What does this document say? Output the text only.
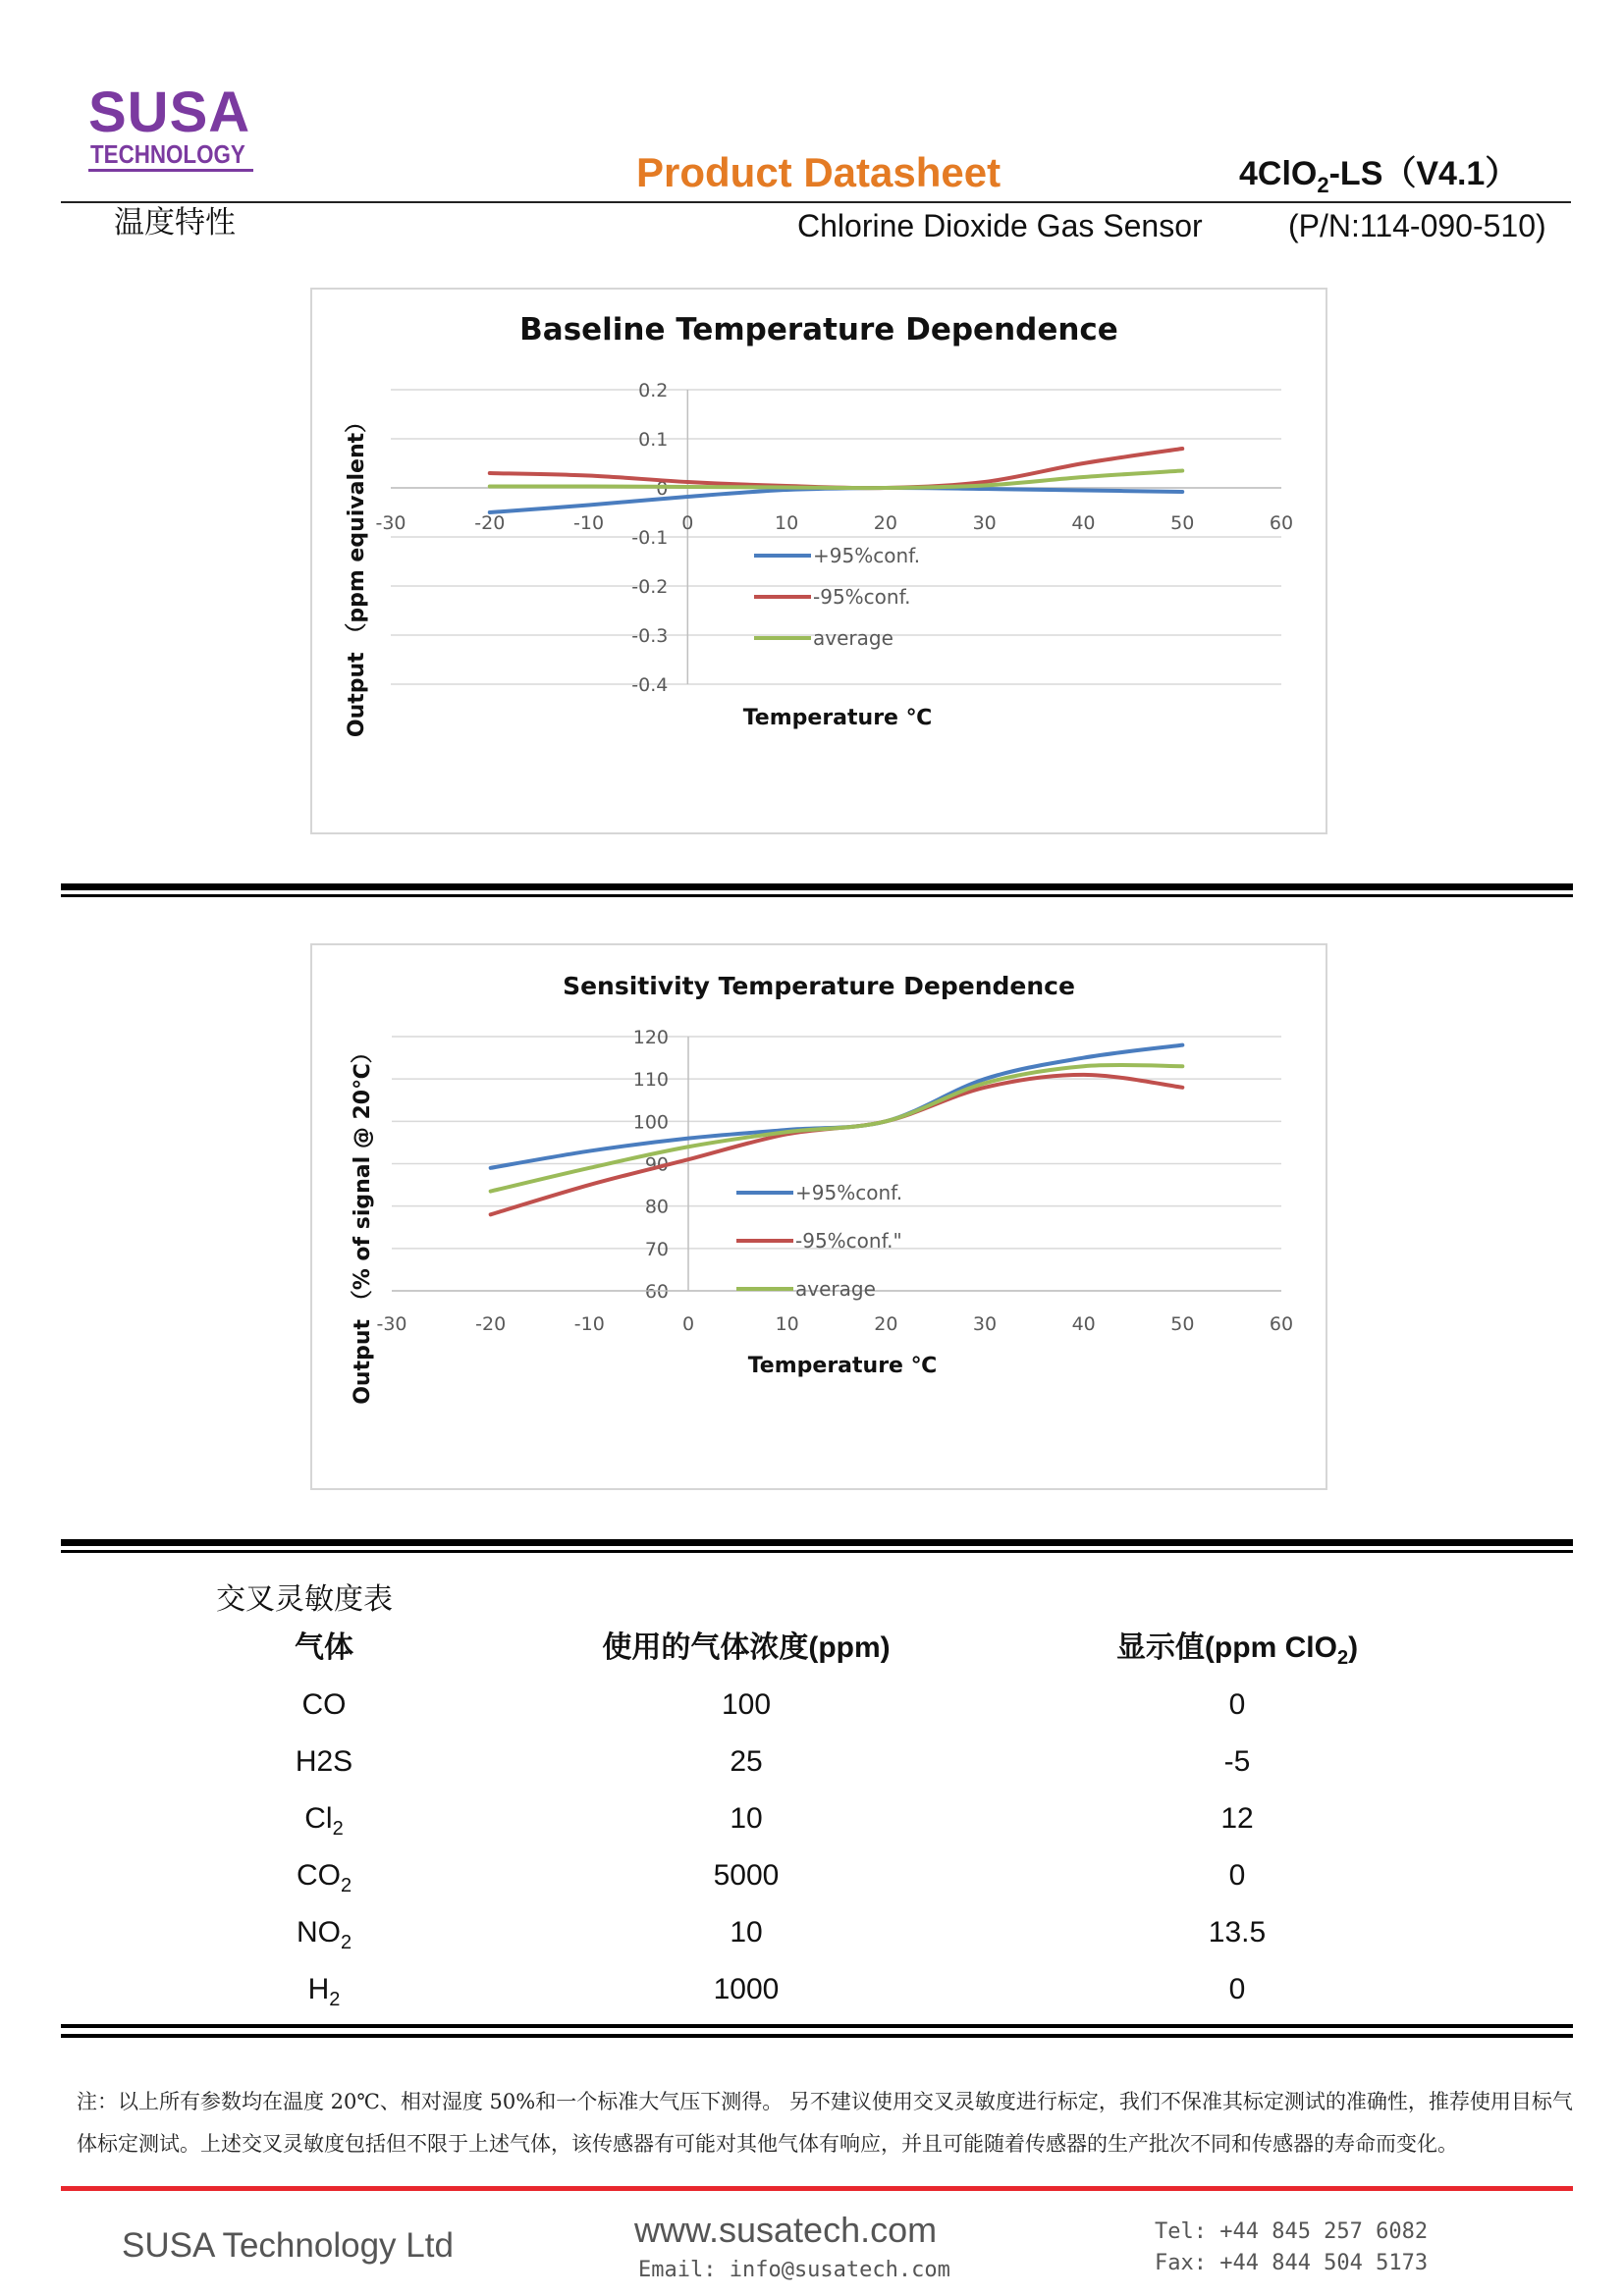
SUSA
TECHNOLOGY	Product Datasheet	4ClO$_2$-LS（V4.1）
温度特性	Chlorine Dioxide Gas Sensor	(P/N:114-090-510)
0.2
0.1
0
-0.1
-0.2
-0.3
-0.4
-30	-20	-10	0	10	20	30	40	50	60
Baseline Temperature Dependence
Temperature ℃
Output （ppm equivalent）	+95%conf.
-95%conf.
average
120
110
100
90
80
70
60
-30	-20	-10	0	10	20	30	40	50	60
Sensitivity Temperature Dependence
Temperature ℃
Output （% of signal @ 20℃）	+95%conf.
-95%conf."
average
交叉灵敏度表
气体	使用的气体浓度(ppm)	显示值(ppm ClO$_2$)
CO	100	0
H2S	25	-5
$Cl_2$	10	12
$CO_2$	5000	0
$NO_2$	10	13.5
$H_2$	1000	0
注：以上所有参数均在温度 20℃、相对湿度 50%和一个标准大气压下测得。 另不建议使用交叉灵敏度进行标定，我们不保准其标定测试的准确性，推荐使用目标气
体标定测试。上述交叉灵敏度包括但不限于上述气体，该传感器有可能对其他气体有响应，并且可能随着传感器的生产批次不同和传感器的寿命而变化。
SUSA Technology Ltd	www.susatech.com
Email: info@susatech.com
Tel: +44 845 257 6082
Fax: +44 844 504 5173
